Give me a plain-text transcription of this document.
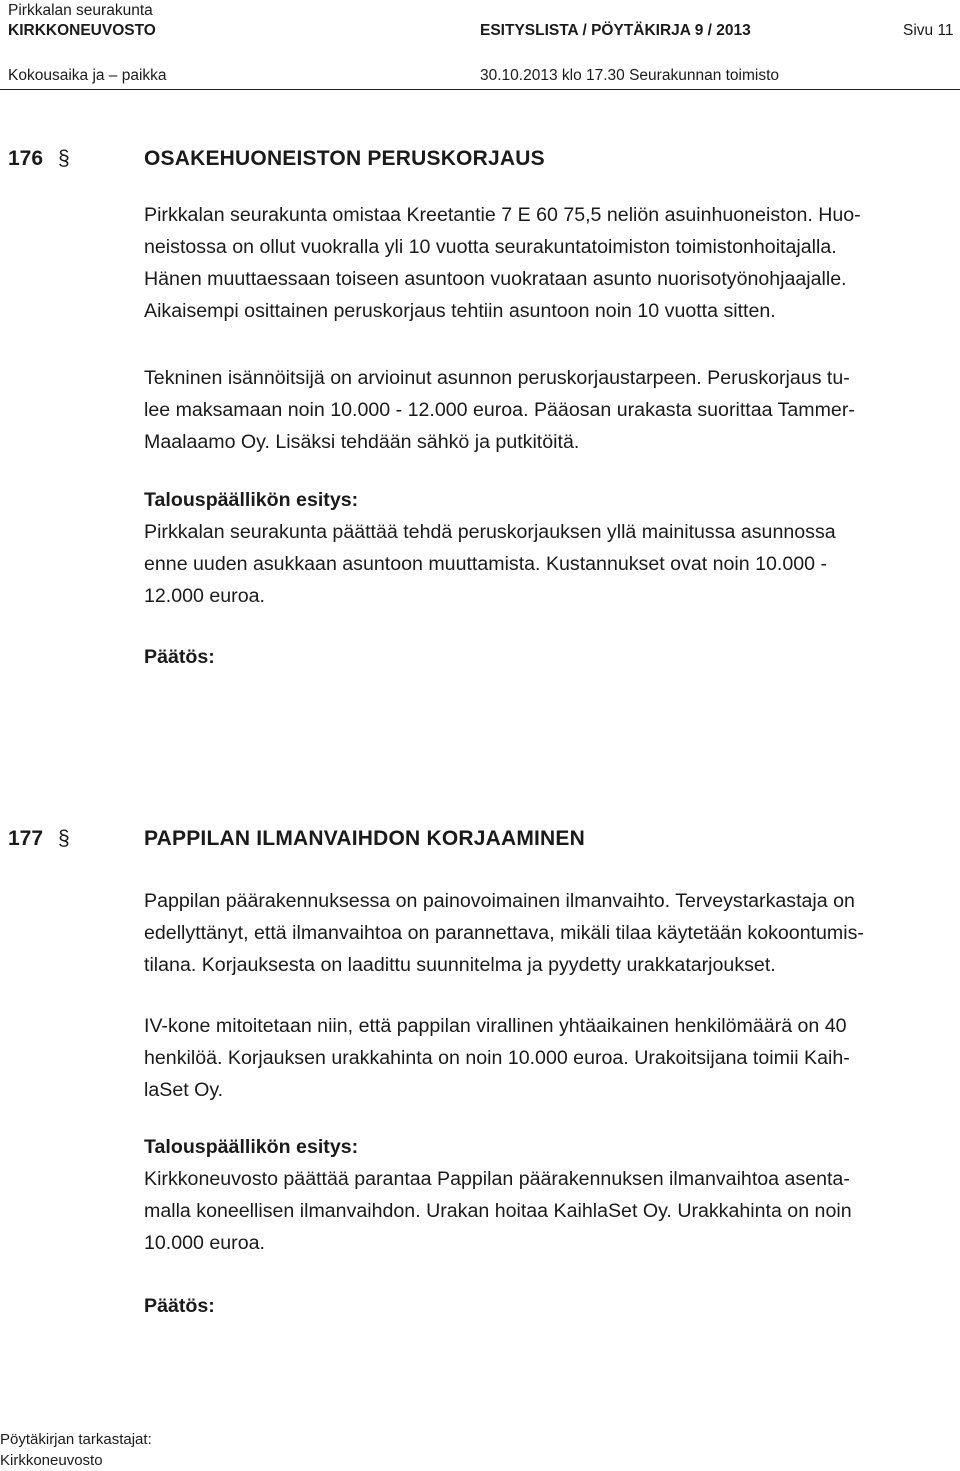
Pirkkalan seurakunta
KIRKKONEUVOSTO	ESITYSLISTA / PÖYTÄKIRJA 9 / 2013	Sivu 11
Kokousaika ja – paikka	30.10.2013 klo 17.30 Seurakunnan toimisto
176 §	OSAKEHUONEISTON PERUSKORJAUS
Pirkkalan seurakunta omistaa Kreetantie 7 E 60 75,5 neliön asuinhuoneiston. Huo-
neistossa on ollut vuokralla yli 10 vuotta seurakuntatoimiston toimistonhoitajalla.
Hänen muuttaessaan toiseen asuntoon vuokrataan asunto nuorisotyönohjaajalle.
Aikaisempi osittainen peruskorjaus tehtiin asuntoon noin 10 vuotta sitten.
Tekninen isännöitsijä on arvioinut asunnon peruskorjaustarpeen. Peruskorjaus tu-
lee maksamaan noin 10.000 - 12.000 euroa. Pääosan urakasta suorittaa Tammer-
Maalaamo Oy. Lisäksi tehdään sähkö ja putkitöitä.
Talouspäällikön esitys:
Pirkkalan seurakunta päättää tehdä peruskorjauksen yllä mainitussa asunnossa
enne uuden asukkaan asuntoon muuttamista. Kustannukset ovat noin 10.000 -
12.000 euroa.
Päätös:
177 §	PAPPILAN ILMANVAIHDON KORJAAMINEN
Pappilan päärakennuksessa on painovoimainen ilmanvaihto. Terveystarkastaja on
edellyttänyt, että ilmanvaihtoa on parannettava, mikäli tilaa käytetään kokoontumis-
tilana. Korjauksesta on laadittu suunnitelma ja pyydetty urakkatarjoukset.
IV-kone mitoitetaan niin, että pappilan virallinen yhtäaikainen henkilömäärä on 40
henkilöä. Korjauksen urakkahinta on noin 10.000 euroa. Urakoitsijana toimii Kaih-
laSet Oy.
Talouspäällikön esitys:
Kirkkoneuvosto päättää parantaa Pappilan päärakennuksen ilmanvaihtoa asenta-
malla koneellisen ilmanvaihdon. Urakan hoitaa KaihlaSet Oy. Urakkahinta on noin
10.000 euroa.
Päätös:
Pöytäkirjan tarkastajat:
Kirkkoneuvosto
